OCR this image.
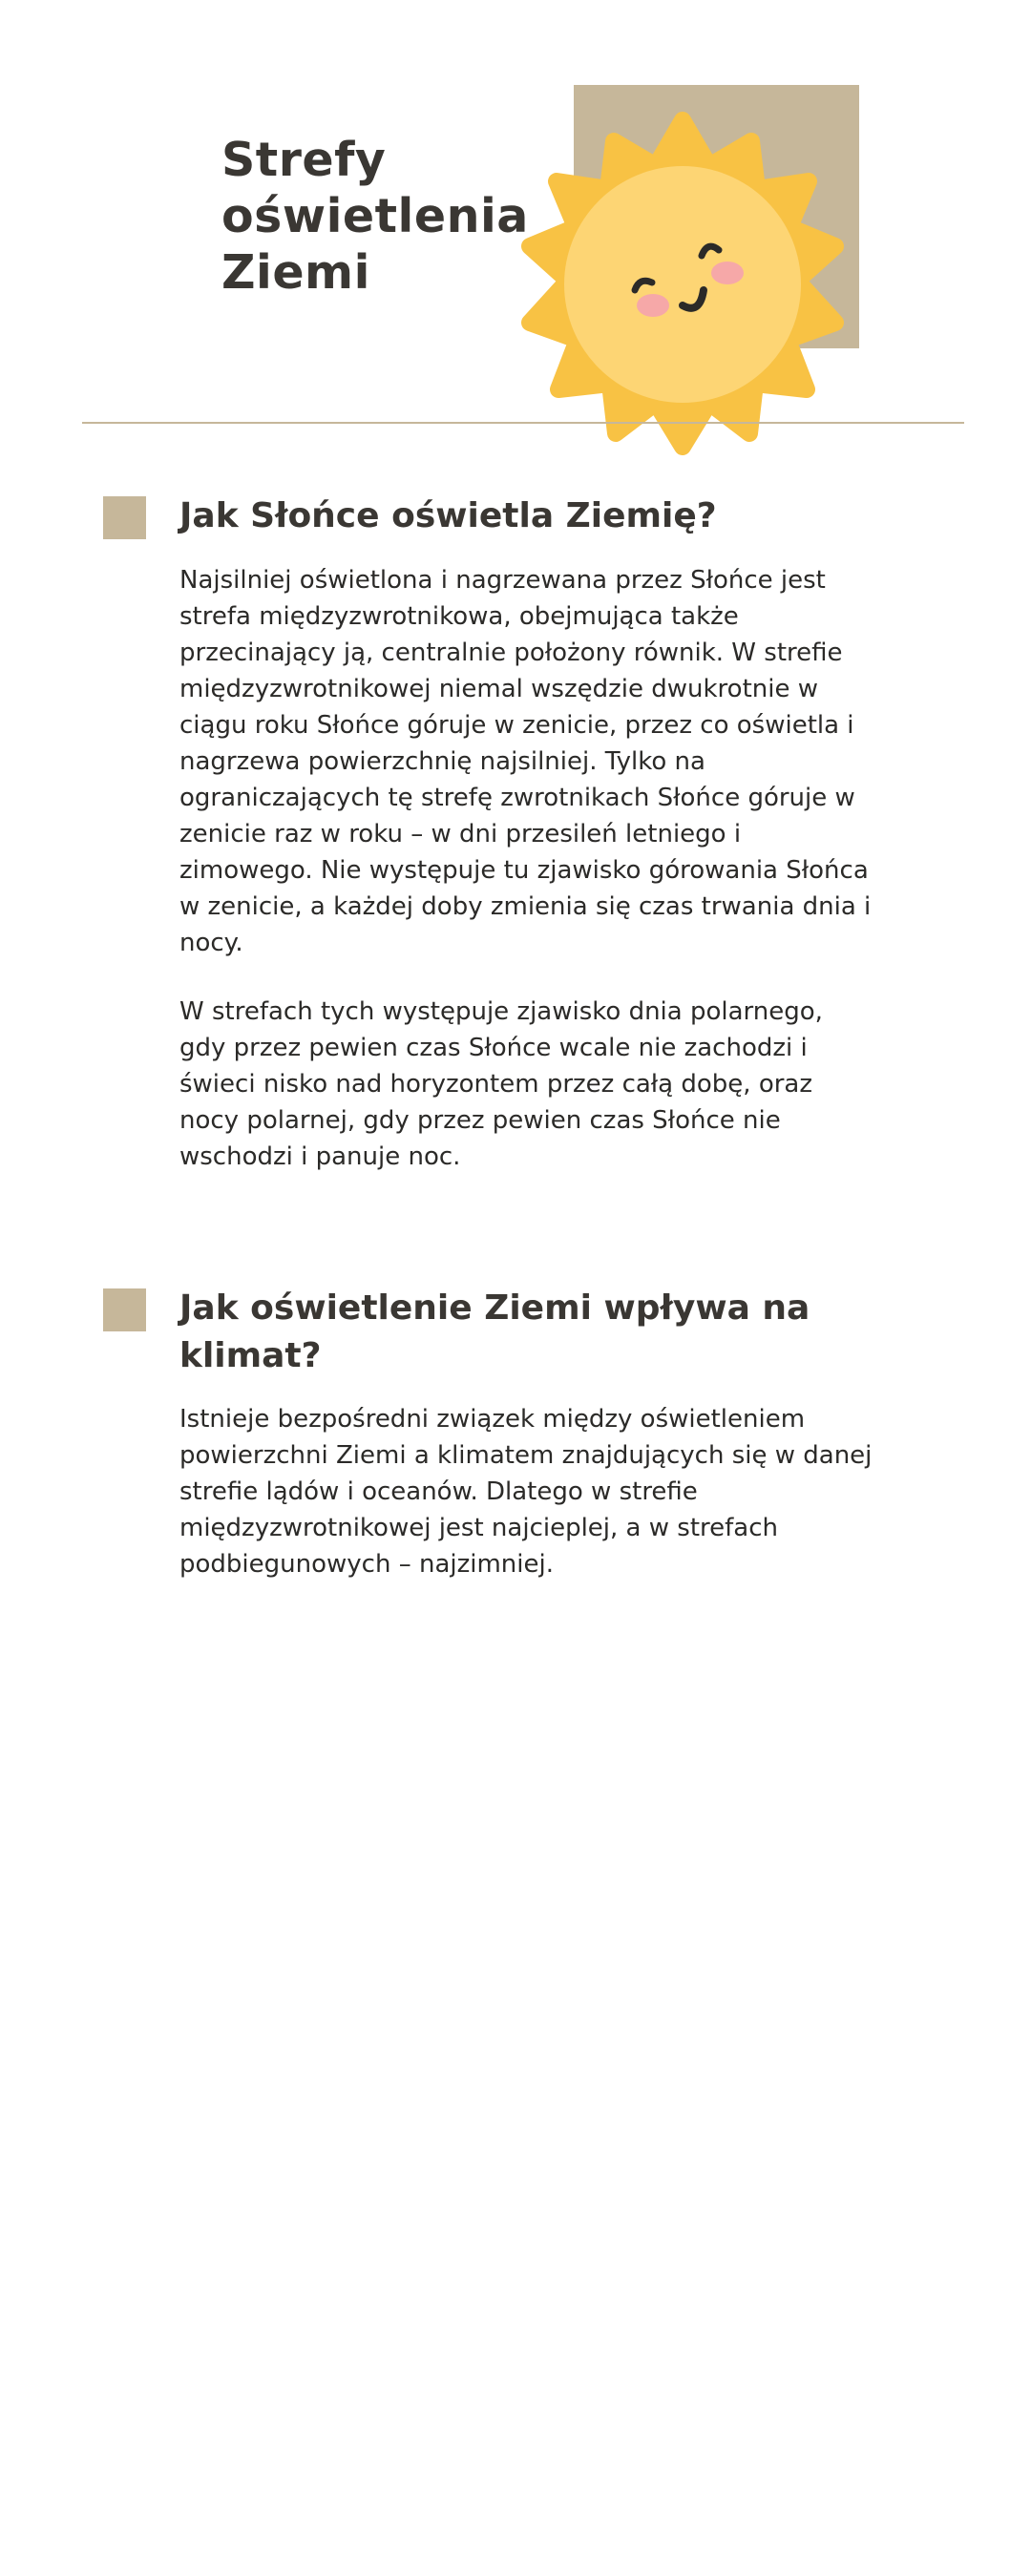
Strefy
oświetlenia
Ziemi
Jak Słońce oświetla Ziemię?

Najsilniej oświetlona i nagrzewana przez Słońce jest strefa międzyzwrotnikowa, obejmująca także przecinający ją, centralnie położony równik. W strefie międzyzwrotnikowej niemal wszędzie dwukrotnie w ciągu roku Słońce góruje w zenicie, przez co oświetla i nagrzewa powierzchnię najsilniej. Tylko na ograniczających tę strefę zwrotnikach Słońce góruje w zenicie raz w roku – w dni przesileń letniego i zimowego. Nie występuje tu zjawisko górowania Słońca w zenicie, a każdej doby zmienia się czas trwania dnia i nocy.

W strefach tych występuje zjawisko dnia polarnego, gdy przez pewien czas Słońce wcale nie zachodzi i świeci nisko nad horyzontem przez całą dobę, oraz nocy polarnej, gdy przez pewien czas Słońce nie wschodzi i panuje noc.

Jak oświetlenie Ziemi wpływa na klimat?

Istnieje bezpośredni związek między oświetleniem powierzchni Ziemi a klimatem znajdujących się w danej strefie lądów i oceanów. Dlatego w strefie międzyzwrotnikowej jest najcieplej, a w strefach podbiegunowych – najzimniej.
